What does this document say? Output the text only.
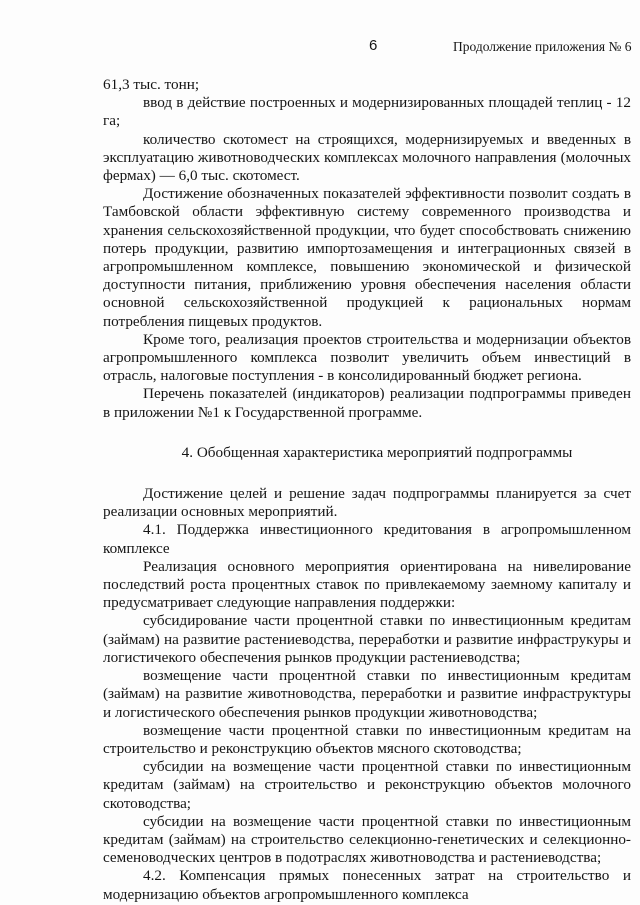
6	Продолжение приложения № 6

61,3 тыс. тонн;

ввод в действие построенных и модернизированных площадей теплиц - 12 га;

количество скотомест на строящихся, модернизируемых и введенных в эксплуатацию животноводческих комплексах молочного направления (молочных фермах) — 6,0 тыс. скотомест.

Достижение обозначенных показателей эффективности позволит создать в Тамбовской области эффективную систему современного производства и хранения сельскохозяйственной продукции, что будет способствовать снижению потерь продукции, развитию импортозамещения и интеграционных связей в агропромышленном комплексе, повышению экономической и физической доступности питания, приближению уровня обеспечения населения области основной сельскохозяйственной продукцией к рациональных нормам потребления пищевых продуктов.

Кроме того, реализация проектов строительства и модернизации объектов агропромышленного комплекса позволит увеличить объем инвестиций в отрасль, налоговые поступления - в консолидированный бюджет региона.

Перечень показателей (индикаторов) реализации подпрограммы приведен в приложении №1 к Государственной программе.

4. Обобщенная характеристика мероприятий подпрограммы

Достижение целей и решение задач подпрограммы планируется за счет реализации основных мероприятий.

4.1. Поддержка инвестиционного кредитования в агропромышленном комплексе

Реализация основного мероприятия ориентирована на нивелирование последствий роста процентных ставок по привлекаемому заемному капиталу и предусматривает следующие направления поддержки:

субсидирование части процентной ставки по инвестиционным кредитам (займам) на развитие растениеводства, переработки и развитие инфраструкуры и логистичекого обеспечения рынков продукции растениеводства;

возмещение части процентной ставки по инвестиционным кредитам (займам) на развитие животноводства, переработки и развитие инфраструктуры и логистического обеспечения рынков продукции животноводства;

возмещение части процентной ставки по инвестиционным кредитам на строительство и реконструкцию объектов мясного скотоводства;

субсидии на возмещение части процентной ставки по инвестиционным кредитам (займам) на строительство и реконструкцию объектов молочного скотоводства;

субсидии на возмещение части процентной ставки по инвестиционным кредитам (займам) на строительство селекционно-генетических и селекционно-семеноводческих центров в подотраслях животноводства и растениеводства;

4.2. Компенсация прямых понесенных затрат на строительство и модернизацию объектов агропромышленного комплекса
